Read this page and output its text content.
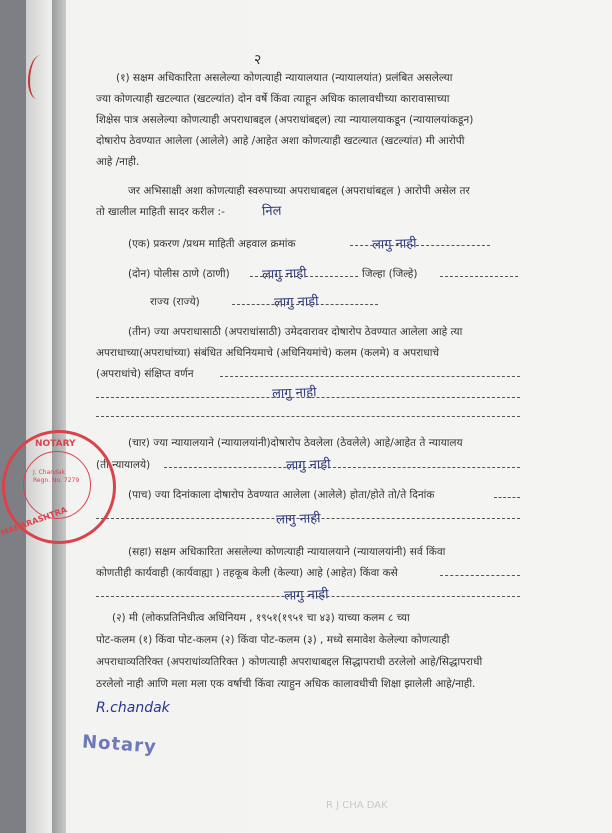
२
(१) सक्षम अधिकारिता असलेल्या कोणत्याही न्यायालयात (न्यायालयांत) प्रलंबित असलेल्या
ज्या कोणत्याही खटल्यात (खटल्यांत) दोन वर्षे किंवा त्याहून अधिक कालावधीच्या कारावासाच्या
शिक्षेस पात्र असलेल्या कोणत्याही अपराधाबद्दल (अपराधांबद्दल) त्या न्यायालयाकडून (न्यायालयांकडून)
दोषारोप ठेवण्यात आलेला (आलेले) आहे /आहेत अशा कोणत्याही खटल्यात (खटल्यांत) मी आरोपी
आहे /नाही.
जर अभिसाक्षी अशा कोणत्याही स्वरुपाच्या अपराधाबद्दल (अपराधांबद्दल ) आरोपी असेल तर
तो खालील माहिती सादर करील :-	निल
(एक) प्रकरण /प्रथम माहिती अहवाल क्रमांक	लागु नाही
(दोन) पोलीस ठाणे (ठाणी) लागु नाही	जिल्हा (जिल्हे)
राज्य (राज्ये)	लागु नाही
(तीन) ज्या अपराधासाठी (अपराधांसाठी) उमेदवारावर दोषारोप ठेवण्यात आलेला आहे त्या
अपराधाच्या(अपराधांच्या) संबंधित अधिनियमाचे (अधिनियमांचे) कलम (कलमे) व अपराधाचे
(अपराधांचे) संक्षिप्त वर्णन
लागु नाही
(चार) ज्या न्यायालयाने (न्यायालयांनी)दोषारोप ठेवलेला (ठेवलेले) आहे/आहेत ते न्यायालय
(ती न्यायालये)	लागु नाही
(पाच) ज्या दिनांकाला दोषारोप ठेवण्यात आलेला (आलेले) होता/होते तो/ते दिनांक
लागु नाही
(सहा) सक्षम अधिकारिता असलेल्या कोणत्याही न्यायालयाने (न्यायालयांनी) सर्व किंवा
कोणतीही कार्यवाही (कार्यवाह्या ) तहकूब केली (केल्या) आहे (आहेत) किंवा कसे
लागु नाही
(२) मी (लोकप्रतिनिधीत्व अधिनियम , १९५१(१९५१ चा ४३) याच्या कलम ८ च्या
पोट-कलम (१) किंवा पोट-कलम (२) किंवा पोट-कलम (३) , मध्ये समावेश केलेल्या कोणत्याही
अपराधाव्यतिरिक्त (अपराधांव्यतिरिक्त ) कोणत्याही अपराधाबद्दल सिद्धापराधी ठरलेलो आहे/सिद्धापराधी
ठरलेलो नाही आणि मला मला एक वर्षाची किंवा त्याहुन अधिक कालावधीची शिक्षा झालेली आहे/नाही.
NOTARY
J. Chandak
Regn. No. 7279
MAHARASHTRA
R.chandak
Notary
R J CHA DAK
